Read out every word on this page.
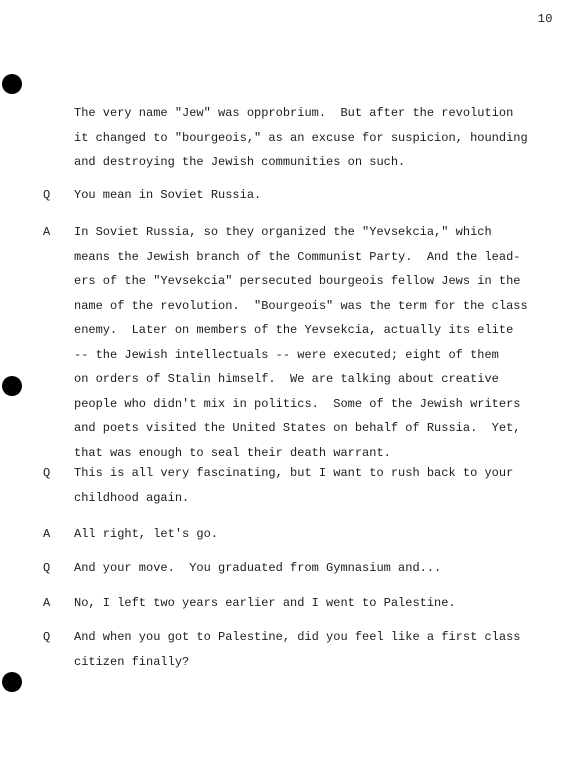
10
The very name "Jew" was opprobrium.  But after the revolution
it changed to "bourgeois," as an excuse for suspicion, hounding
and destroying the Jewish communities on such.
Q You mean in Soviet Russia.
A In Soviet Russia, so they organized the "Yevsekcia," which
means the Jewish branch of the Communist Party.  And the lead-
ers of the "Yevsekcia" persecuted bourgeois fellow Jews in the
name of the revolution.  "Bourgeois" was the term for the class
enemy.  Later on members of the Yevsekcia, actually its elite
-- the Jewish intellectuals -- were executed; eight of them
on orders of Stalin himself.  We are talking about creative
people who didn't mix in politics.  Some of the Jewish writers
and poets visited the United States on behalf of Russia.  Yet,
that was enough to seal their death warrant.
Q This is all very fascinating, but I want to rush back to your
childhood again.
A All right, let's go.
Q And your move.  You graduated from Gymnasium and...
A No, I left two years earlier and I went to Palestine.
Q And when you got to Palestine, did you feel like a first class
citizen finally?
